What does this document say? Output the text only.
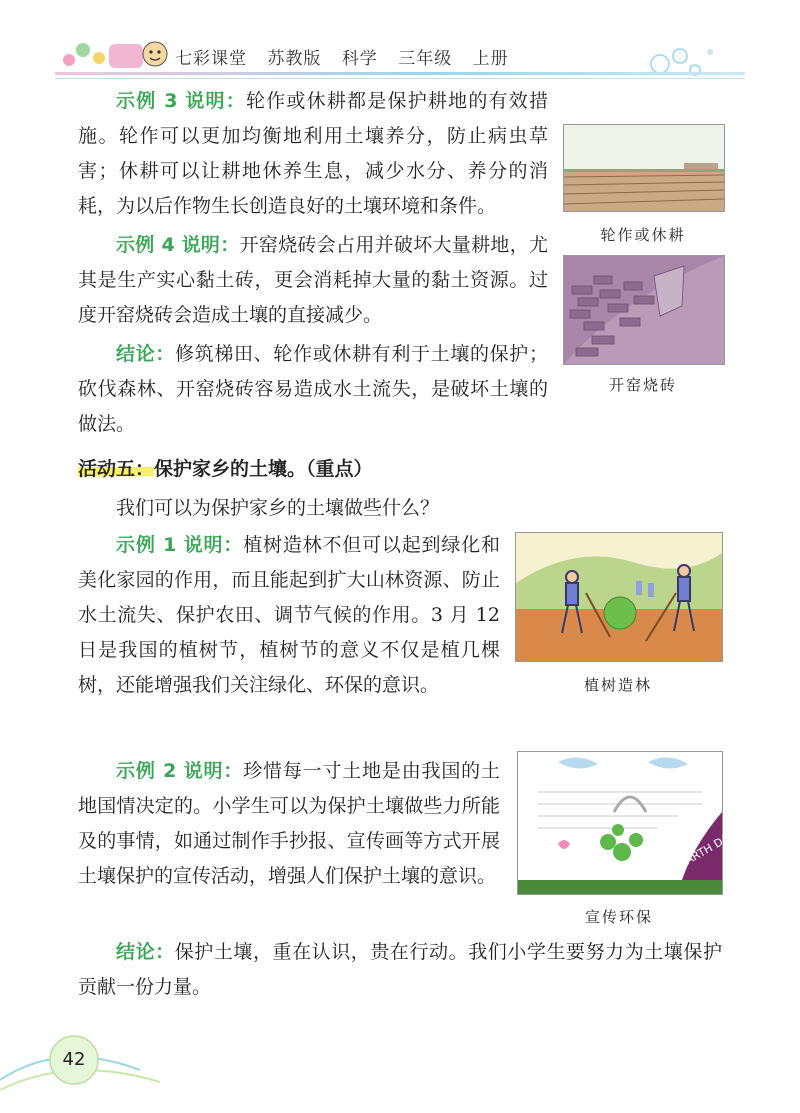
七彩课堂 苏教版 科学 三年级 上册

示例 3 说明：轮作或休耕都是保护耕地的有效措施。轮作可以更加均衡地利用土壤养分，防止病虫草害；休耕可以让耕地休养生息，减少水分、养分的消耗，为以后作物生长创造良好的土壤环境和条件。

示例 4 说明：开窑烧砖会占用并破坏大量耕地，尤其是生产实心黏土砖，更会消耗掉大量的黏土资源。过度开窑烧砖会造成土壤的直接减少。

结论：修筑梯田、轮作或休耕有利于土壤的保护；砍伐森林、开窑烧砖容易造成水土流失，是破坏土壤的做法。

轮作或休耕
开窑烧砖
活动五：保护家乡的土壤。（重点）

我们可以为保护家乡的土壤做些什么？

示例 1 说明：植树造林不但可以起到绿化和美化家园的作用，而且能起到扩大山林资源、防止水土流失、保护农田、调节气候的作用。3 月 12 日是我国的植树节，植树节的意义不仅是植几棵树，还能增强我们关注绿化、环保的意识。	植树造林

示例 2 说明：珍惜每一寸土地是由我国的土地国情决定的。小学生可以为保护土壤做些力所能及的事情，如通过制作手抄报、宣传画等方式开展土壤保护的宣传活动，增强人们保护土壤的意识。

EARTH DAY
宣传环保

结论：保护土壤，重在认识，贵在行动。我们小学生要努力为土壤保护贡献一份力量。

42
